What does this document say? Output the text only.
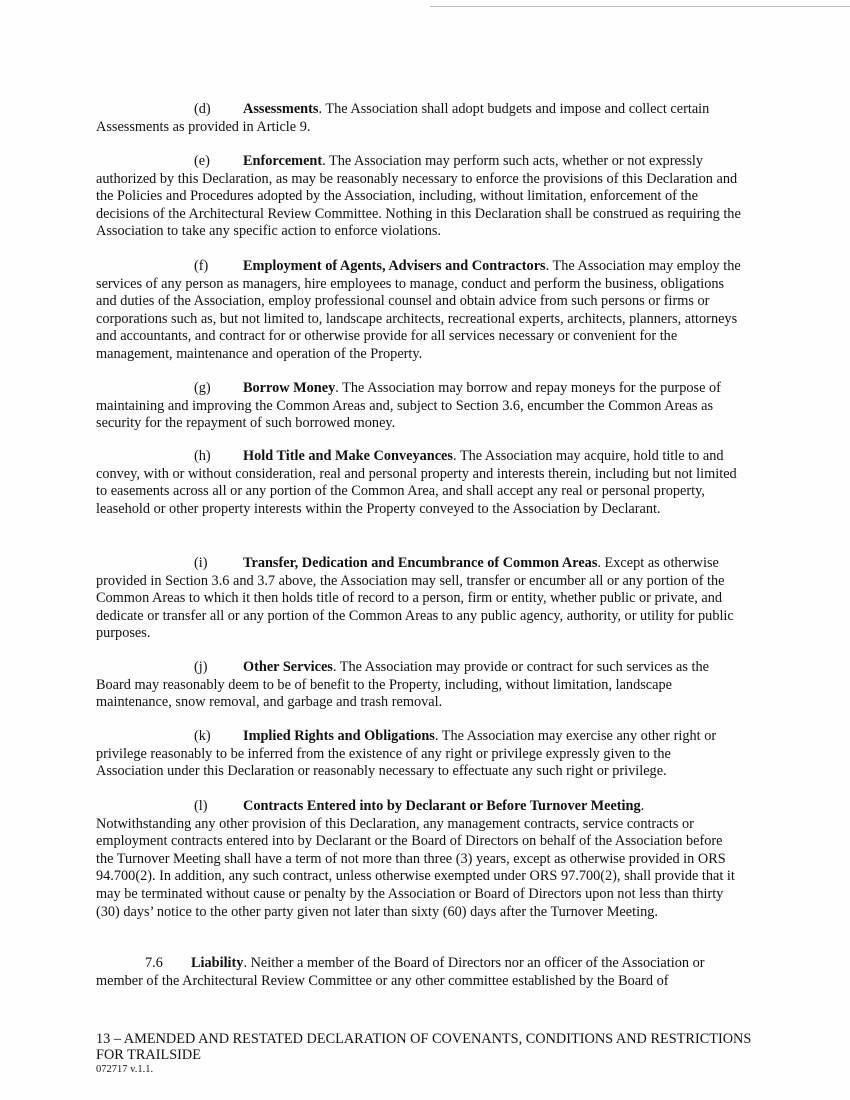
(d) Assessments. The Association shall adopt budgets and impose and collect certain Assessments as provided in Article 9.

(e) Enforcement. The Association may perform such acts, whether or not expressly authorized by this Declaration, as may be reasonably necessary to enforce the provisions of this Declaration and the Policies and Procedures adopted by the Association, including, without limitation, enforcement of the decisions of the Architectural Review Committee. Nothing in this Declaration shall be construed as requiring the Association to take any specific action to enforce violations.

(f) Employment of Agents, Advisers and Contractors. The Association may employ the services of any person as managers, hire employees to manage, conduct and perform the business, obligations and duties of the Association, employ professional counsel and obtain advice from such persons or firms or corporations such as, but not limited to, landscape architects, recreational experts, architects, planners, attorneys and accountants, and contract for or otherwise provide for all services necessary or convenient for the management, maintenance and operation of the Property.

(g) Borrow Money. The Association may borrow and repay moneys for the purpose of maintaining and improving the Common Areas and, subject to Section 3.6, encumber the Common Areas as security for the repayment of such borrowed money.

(h) Hold Title and Make Conveyances. The Association may acquire, hold title to and convey, with or without consideration, real and personal property and interests therein, including but not limited to easements across all or any portion of the Common Area, and shall accept any real or personal property, leasehold or other property interests within the Property conveyed to the Association by Declarant.

(i) Transfer, Dedication and Encumbrance of Common Areas. Except as otherwise provided in Section 3.6 and 3.7 above, the Association may sell, transfer or encumber all or any portion of the Common Areas to which it then holds title of record to a person, firm or entity, whether public or private, and dedicate or transfer all or any portion of the Common Areas to any public agency, authority, or utility for public purposes.

(j) Other Services. The Association may provide or contract for such services as the Board may reasonably deem to be of benefit to the Property, including, without limitation, landscape maintenance, snow removal, and garbage and trash removal.

(k) Implied Rights and Obligations. The Association may exercise any other right or privilege reasonably to be inferred from the existence of any right or privilege expressly given to the Association under this Declaration or reasonably necessary to effectuate any such right or privilege.

(l) Contracts Entered into by Declarant or Before Turnover Meeting. Notwithstanding any other provision of this Declaration, any management contracts, service contracts or employment contracts entered into by Declarant or the Board of Directors on behalf of the Association before the Turnover Meeting shall have a term of not more than three (3) years, except as otherwise provided in ORS 94.700(2). In addition, any such contract, unless otherwise exempted under ORS 97.700(2), shall provide that it may be terminated without cause or penalty by the Association or Board of Directors upon not less than thirty (30) days’ notice to the other party given not later than sixty (60) days after the Turnover Meeting.

7.6 Liability. Neither a member of the Board of Directors nor an officer of the Association or member of the Architectural Review Committee or any other committee established by the Board of

13 – AMENDED AND RESTATED DECLARATION OF COVENANTS, CONDITIONS AND RESTRICTIONS FOR TRAILSIDE
072717 v.1.1.
